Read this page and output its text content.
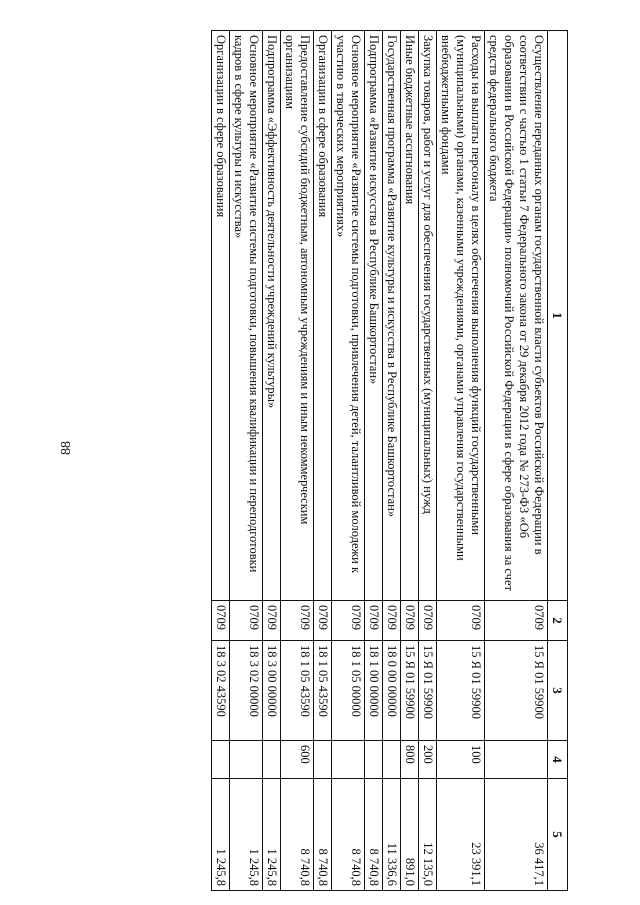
88
1	2	3	4	5
Осуществление переданных органам государственной власти субъектов Российской Федерации в соответствии с частью 1 статьи 7 Федерального закона от 29 декабря 2012 года № 273-ФЗ «Об образовании в Российской Федерации» полномочий Российской Федерации в сфере образования за счет средств федерального бюджета	0709	15 Я 01 59900		36 417,1
Расходы на выплаты персоналу в целях обеспечения выполнения функций государственными (муниципальными) органами, казенными учреждениями, органами управления государственными внебюджетными фондами	0709	15 Я 01 59900	100	23 391,1
Закупка товаров, работ и услуг для обеспечения государственных (муниципальных) нужд	0709	15 Я 01 59900	200	12 135,0
Иные бюджетные ассигнования	0709	15 Я 01 59900	800	891,0
Государственная программа «Развитие культуры и искусства в Республике Башкортостан»	0709	18 0 00 00000		11 336,6
Подпрограмма «Развитие искусства в Республике Башкортостан»	0709	18 1 00 00000		8 740,8
Основное мероприятие «Развитие системы подготовки, привлечения детей, талантливой молодежи к участию в творческих мероприятиях»	0709	18 1 05 00000		8 740,8
Организации в сфере образования	0709	18 1 05 43590		8 740,8
Предоставление субсидий бюджетным, автономным учреждениям и иным некоммерческим организациям	0709	18 1 05 43590	600	8 740,8
Подпрограмма «Эффективность деятельности учреждений культуры»	0709	18 3 00 00000		1 245,8
Основное мероприятие «Развитие системы подготовки, повышения квалификации и переподготовки кадров в сфере культуры и искусства»	0709	18 3 02 00000		1 245,8
Организации в сфере образования	0709	18 3 02 43590		1 245,8
